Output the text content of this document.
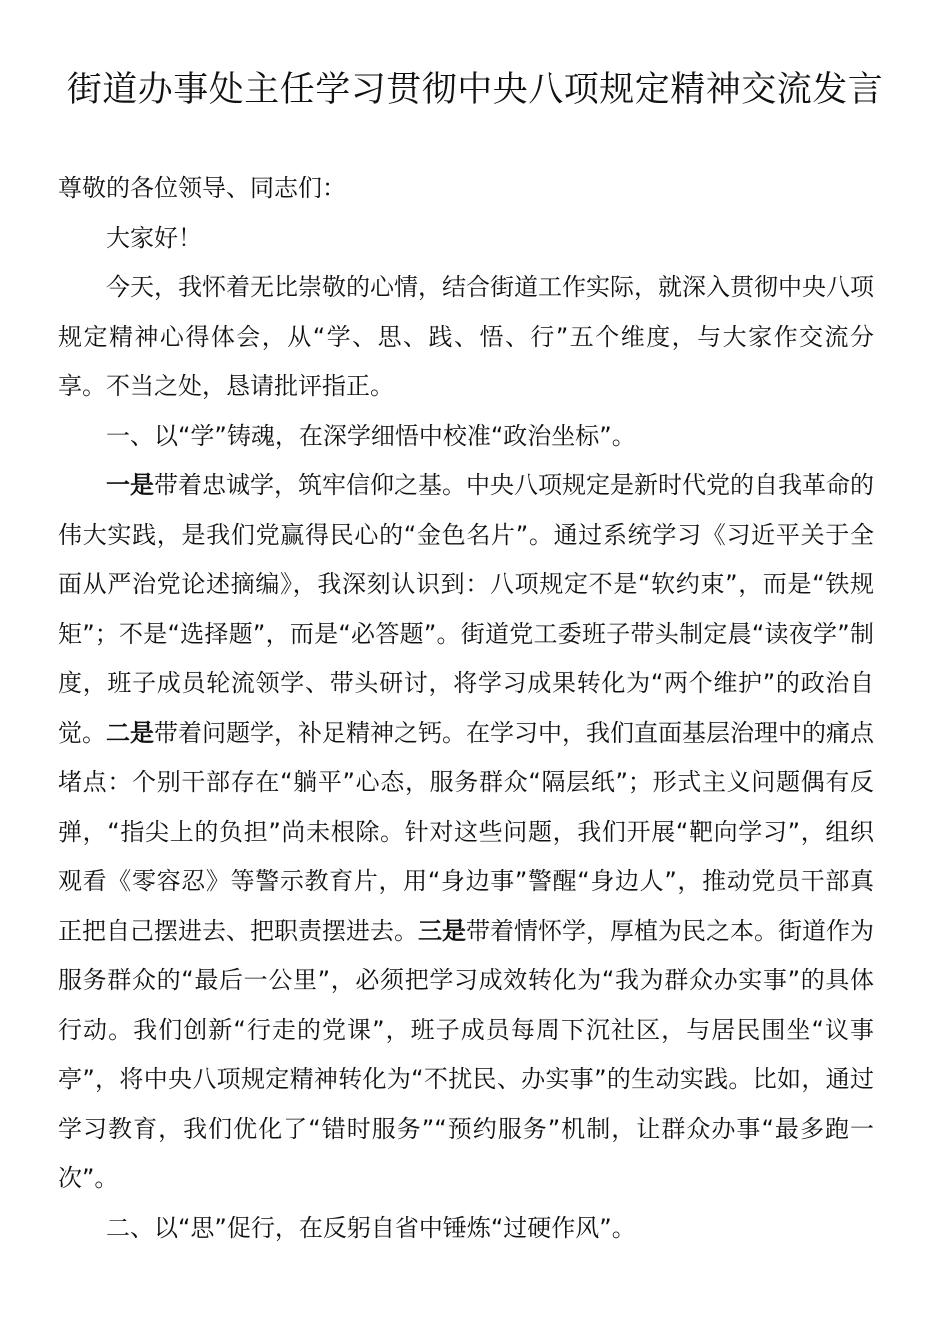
街道办事处主任学习贯彻中央八项规定精神交流发言

尊敬的各位领导、同志们：

大家好！

今天，我怀着无比崇敬的心情，结合街道工作实际，就深入贯彻中央八项规定精神心得体会，从“学、思、践、悟、行”五个维度，与大家作交流分享。不当之处，恳请批评指正。

一、以“学”铸魂，在深学细悟中校准“政治坐标”。

一是带着忠诚学，筑牢信仰之基。中央八项规定是新时代党的自我革命的伟大实践，是我们党赢得民心的“金色名片”。通过系统学习《习近平关于全面从严治党论述摘编》，我深刻认识到：八项规定不是“软约束”，而是“铁规矩”；不是“选择题”，而是“必答题”。街道党工委班子带头制定晨“读夜学”制度，班子成员轮流领学、带头研讨，将学习成果转化为“两个维护”的政治自觉。二是带着问题学，补足精神之钙。在学习中，我们直面基层治理中的痛点堵点：个别干部存在“躺平”心态，服务群众“隔层纸”；形式主义问题偶有反弹，“指尖上的负担”尚未根除。针对这些问题，我们开展“靶向学习”，组织观看《零容忍》等警示教育片，用“身边事”警醒“身边人”，推动党员干部真正把自己摆进去、把职责摆进去。三是带着情怀学，厚植为民之本。街道作为服务群众的“最后一公里”，必须把学习成效转化为“我为群众办实事”的具体行动。我们创新“行走的党课”，班子成员每周下沉社区，与居民围坐“议事亭”，将中央八项规定精神转化为“不扰民、办实事”的生动实践。比如，通过学习教育，我们优化了“错时服务”“预约服务”机制，让群众办事“最多跑一次”。

二、以“思”促行，在反躬自省中锤炼“过硬作风”。
